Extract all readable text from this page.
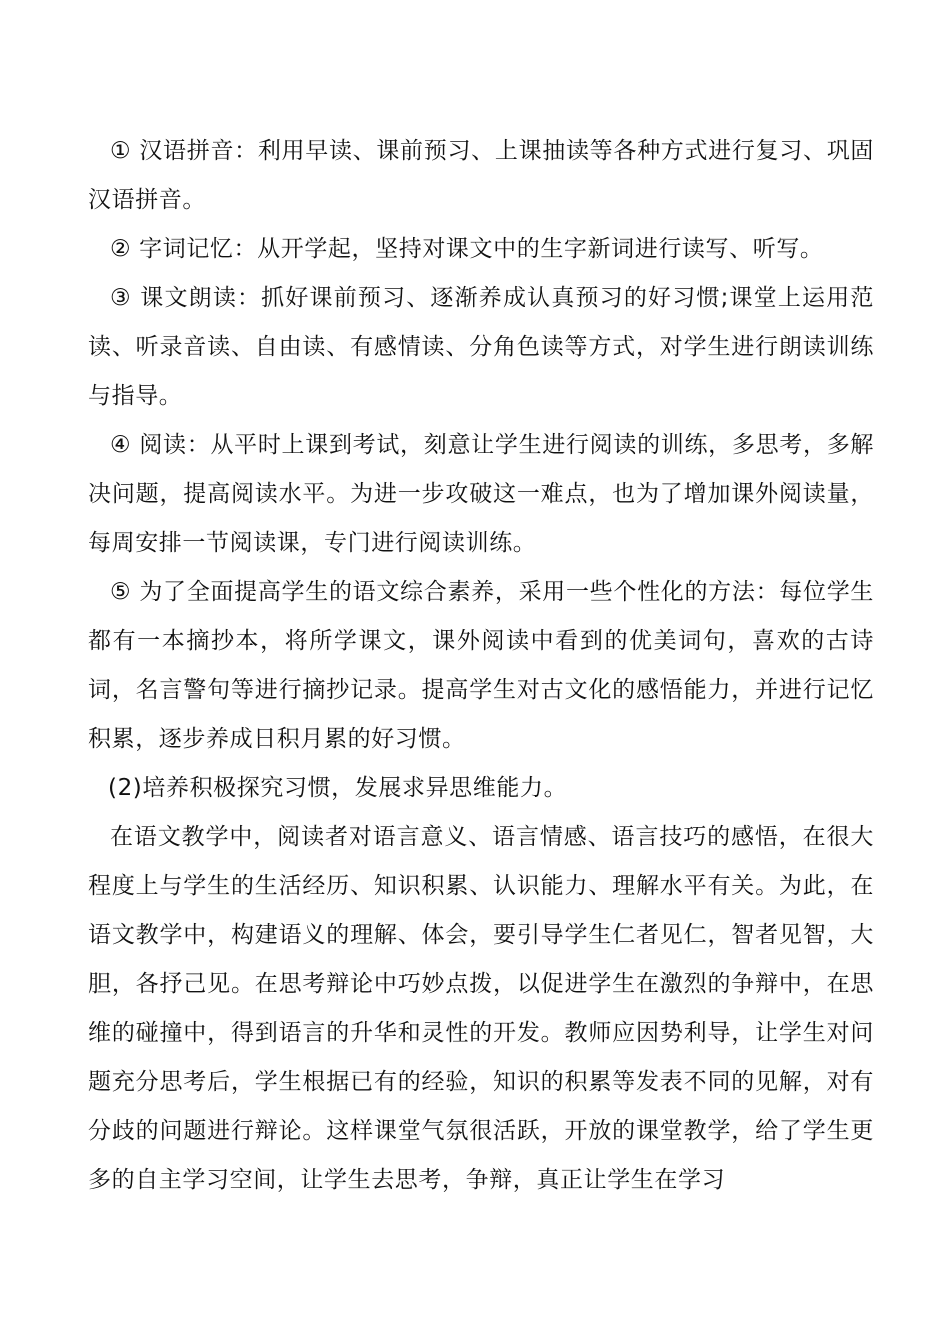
① 汉语拼音：利用早读、课前预习、上课抽读等各种方式进行复习、巩固汉语拼音。

② 字词记忆：从开学起，坚持对课文中的生字新词进行读写、听写。

③ 课文朗读：抓好课前预习、逐渐养成认真预习的好习惯;课堂上运用范读、听录音读、自由读、有感情读、分角色读等方式，对学生进行朗读训练与指导。

④ 阅读：从平时上课到考试，刻意让学生进行阅读的训练，多思考，多解决问题，提高阅读水平。为进一步攻破这一难点，也为了增加课外阅读量，每周安排一节阅读课，专门进行阅读训练。

⑤ 为了全面提高学生的语文综合素养，采用一些个性化的方法：每位学生都有一本摘抄本，将所学课文，课外阅读中看到的优美词句，喜欢的古诗词，名言警句等进行摘抄记录。提高学生对古文化的感悟能力，并进行记忆积累，逐步养成日积月累的好习惯。

(2)培养积极探究习惯，发展求异思维能力。

在语文教学中，阅读者对语言意义、语言情感、语言技巧的感悟，在很大程度上与学生的生活经历、知识积累、认识能力、理解水平有关。为此，在语文教学中，构建语义的理解、体会，要引导学生仁者见仁，智者见智，大胆，各抒己见。在思考辩论中巧妙点拨，以促进学生在激烈的争辩中，在思维的碰撞中，得到语言的升华和灵性的开发。教师应因势利导，让学生对问题充分思考后，学生根据已有的经验，知识的积累等发表不同的见解，对有分歧的问题进行辩论。这样课堂气氛很活跃，开放的课堂教学，给了学生更多的自主学习空间，让学生去思考，争辩，真正让学生在学习
